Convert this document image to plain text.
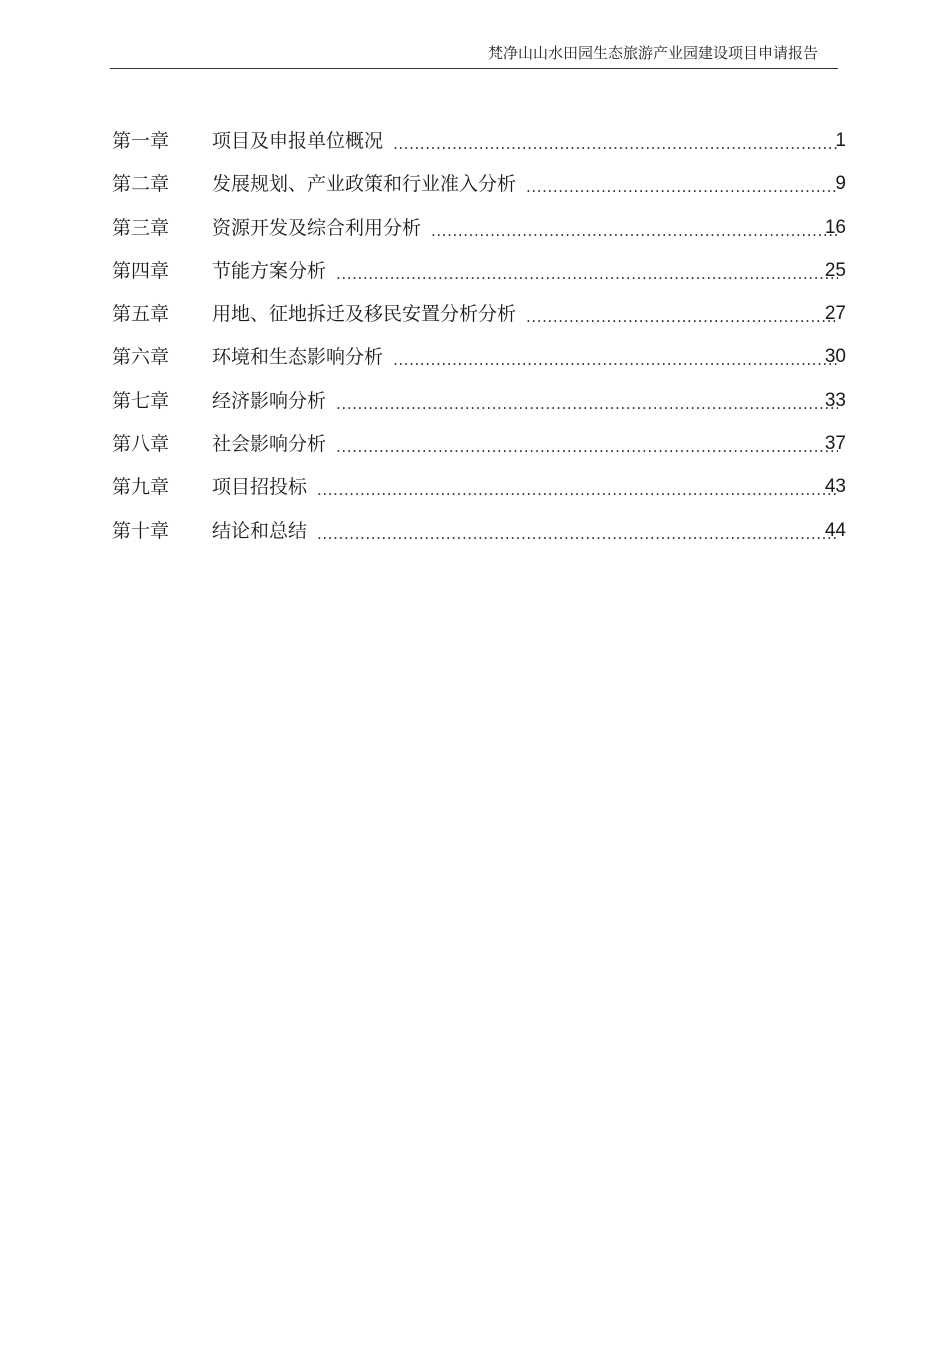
梵净山山水田园生态旅游产业园建设项目申请报告
第一章	项目及申报单位概况 .....	1
第二章	发展规划、产业政策和行业准入分析 .....	9
第三章	资源开发及综合利用分析 .....	16
第四章	节能方案分析 .....	25
第五章	用地、征地拆迁及移民安置分析分析 .....	27
第六章	环境和生态影响分析 .....	30
第七章	经济影响分析 .....	33
第八章	社会影响分析 .....	37
第九章	项目招投标 .....	43
第十章	结论和总结 .....	44
